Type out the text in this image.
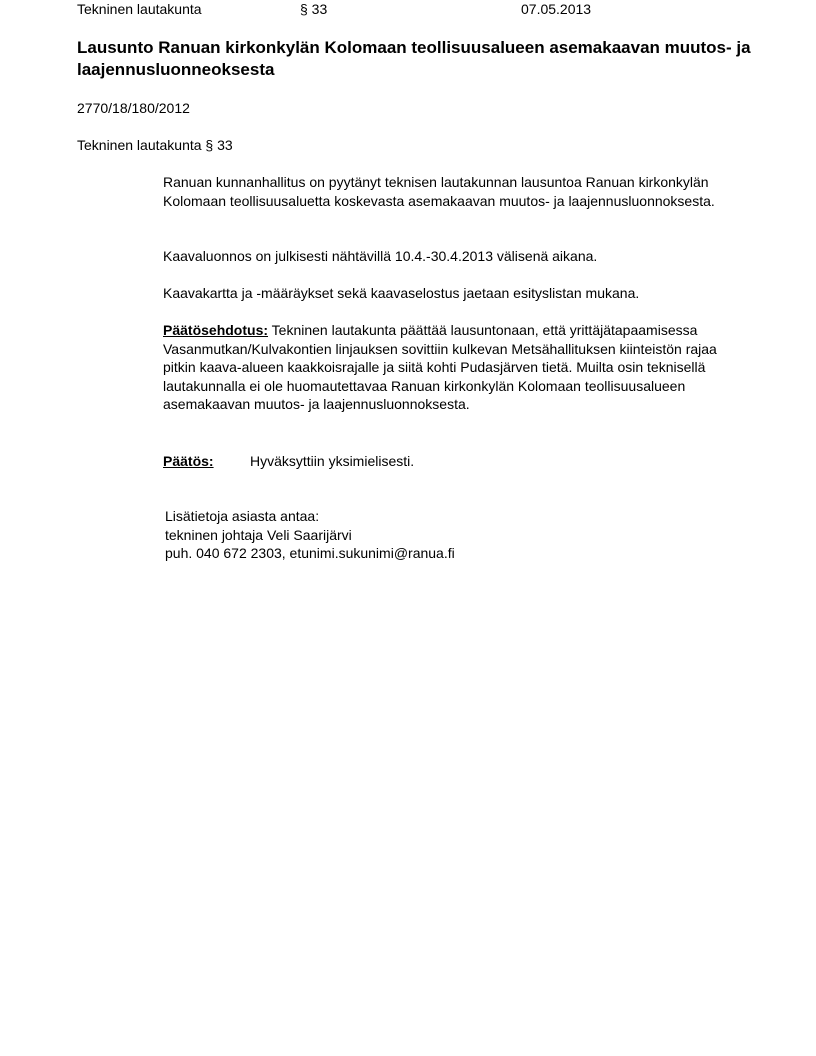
Tekninen lautakunta	§ 33	07.05.2013
Lausunto Ranuan kirkonkylän Kolomaan teollisuusalueen asemakaavan muutos- ja laajennusluonneoksesta
2770/18/180/2012
Tekninen lautakunta § 33

Ranuan kunnanhallitus on pyytänyt teknisen lautakunnan lausuntoa Ranuan kirkonkylän Kolomaan teollisuusaluetta koskevasta asemakaavan muutos- ja laajennusluonnoksesta.

Kaavaluonnos on julkisesti nähtävillä 10.4.-30.4.2013 välisenä aikana.

Kaavakartta ja -määräykset sekä kaavaselostus jaetaan esityslistan mukana.

Päätösehdotus: Tekninen lautakunta päättää lausuntonaan, että yrittäjätapaamisessa Vasanmutkan/Kulvakontien linjauksen sovittiin kulkevan Metsähallituksen kiinteistön rajaa pitkin kaava-alueen kaakkoisrajalle ja siitä kohti Pudasjärven tietä. Muilta osin teknisellä lautakunnalla ei ole huomautettavaa Ranuan kirkonkylän Kolomaan teollisuusalueen asemakaavan muutos- ja laajennusluonnoksesta.

Päätös:	Hyväksyttiin yksimielisesti.
Lisätietoja asiasta antaa:
tekninen johtaja Veli Saarijärvi
puh. 040 672 2303, etunimi.sukunimi@ranua.fi
